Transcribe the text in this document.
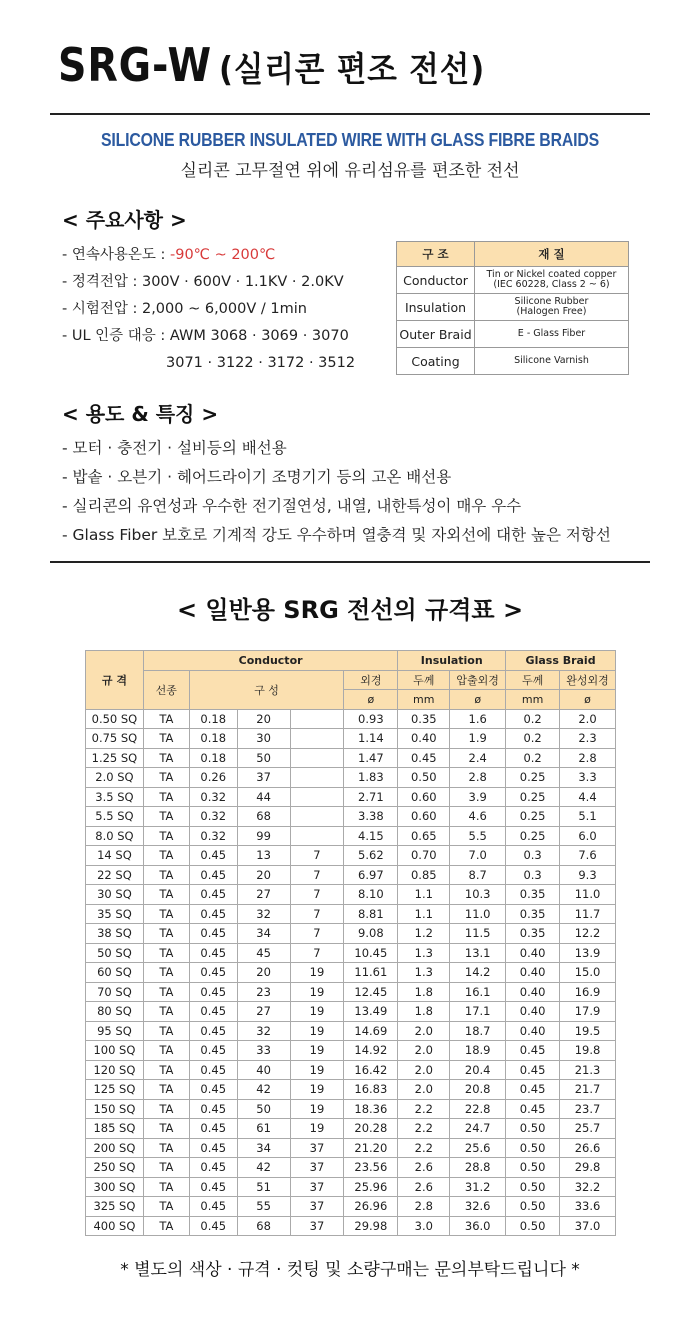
SRG-W (실리콘 편조 전선)
SILICONE RUBBER INSULATED WIRE WITH GLASS FIBRE BRAIDS
실리콘 고무절연 위에 유리섬유를 편조한 전선
< 주요사항 >
- 연속사용온도 : -90℃ ~ 200℃
- 정격전압 : 300V · 600V · 1.1KV · 2.0KV
- 시험전압 : 2,000 ~ 6,000V / 1min
- UL 인증 대응 : AWM 3068 · 3069 · 3070
3071 · 3122 · 3172 · 3512
구 조	재 질
Conductor	Tin or Nickel coated copper
(IEC 60228, Class 2 ~ 6)

Insulation	Silicone Rubber
(Halogen Free)

Outer Braid	E - Glass Fiber

Coating	Silicone Varnish
< 용도 & 특징 >
- 모터 · 충전기 · 설비등의 배선용
- 밥솥 · 오븐기 · 헤어드라이기 조명기기 등의 고온 배선용
- 실리콘의 유연성과 우수한 전기절연성, 내열, 내한특성이 매우 우수
- Glass Fiber 보호로 기계적 강도 우수하며 열충격 및 자외선에 대한 높은 저항선
< 일반용 SRG 전선의 규격표 >
규 격	Conductor					Insulation		Glass Braid	
	선종	구 성			외경	두께	압출외경	두께	완성외경
					ø	mm	ø	mm	ø
0.50 SQ	TA	0.18	20		0.93	0.35	1.6	0.2	2.0
0.75 SQ	TA	0.18	30		1.14	0.40	1.9	0.2	2.3
1.25 SQ	TA	0.18	50		1.47	0.45	2.4	0.2	2.8
2.0 SQ	TA	0.26	37		1.83	0.50	2.8	0.25	3.3
3.5 SQ	TA	0.32	44		2.71	0.60	3.9	0.25	4.4
5.5 SQ	TA	0.32	68		3.38	0.60	4.6	0.25	5.1
8.0 SQ	TA	0.32	99		4.15	0.65	5.5	0.25	6.0
14 SQ	TA	0.45	13	7	5.62	0.70	7.0	0.3	7.6
22 SQ	TA	0.45	20	7	6.97	0.85	8.7	0.3	9.3
30 SQ	TA	0.45	27	7	8.10	1.1	10.3	0.35	11.0
35 SQ	TA	0.45	32	7	8.81	1.1	11.0	0.35	11.7
38 SQ	TA	0.45	34	7	9.08	1.2	11.5	0.35	12.2
50 SQ	TA	0.45	45	7	10.45	1.3	13.1	0.40	13.9
60 SQ	TA	0.45	20	19	11.61	1.3	14.2	0.40	15.0
70 SQ	TA	0.45	23	19	12.45	1.8	16.1	0.40	16.9
80 SQ	TA	0.45	27	19	13.49	1.8	17.1	0.40	17.9
95 SQ	TA	0.45	32	19	14.69	2.0	18.7	0.40	19.5
100 SQ	TA	0.45	33	19	14.92	2.0	18.9	0.45	19.8
120 SQ	TA	0.45	40	19	16.42	2.0	20.4	0.45	21.3
125 SQ	TA	0.45	42	19	16.83	2.0	20.8	0.45	21.7
150 SQ	TA	0.45	50	19	18.36	2.2	22.8	0.45	23.7
185 SQ	TA	0.45	61	19	20.28	2.2	24.7	0.50	25.7
200 SQ	TA	0.45	34	37	21.20	2.2	25.6	0.50	26.6
250 SQ	TA	0.45	42	37	23.56	2.6	28.8	0.50	29.8
300 SQ	TA	0.45	51	37	25.96	2.6	31.2	0.50	32.2
325 SQ	TA	0.45	55	37	26.96	2.8	32.6	0.50	33.6
400 SQ	TA	0.45	68	37	29.98	3.0	36.0	0.50	37.0
* 별도의 색상 · 규격 · 컷팅 및 소량구매는 문의부탁드립니다 *
